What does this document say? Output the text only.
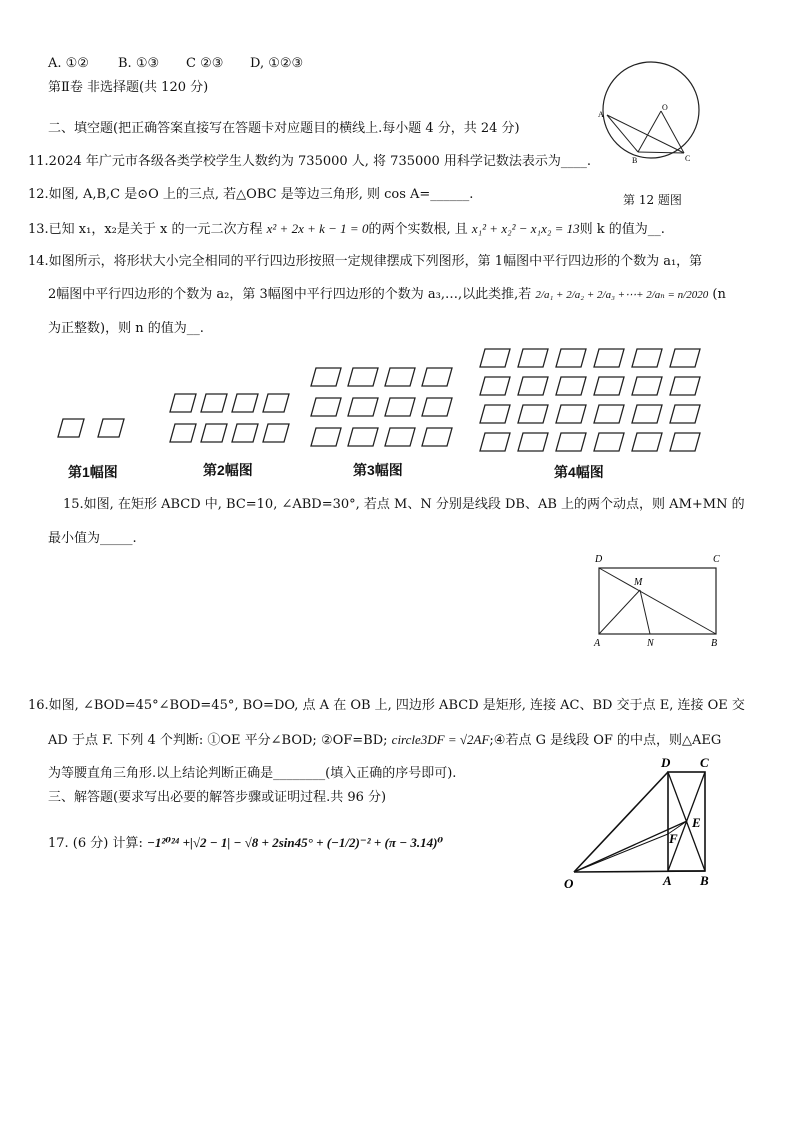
A. ①② B. ①③ C ②③ D, ①②③
第Ⅱ卷 非选择题(共 120 分)
二、填空题(把正确答案直接写在答题卡对应题目的横线上.每小题 4 分，共 24 分)
A
O
B	C
11.2024 年广元市各级各类学校学生人数约为 735000 人, 将 735000 用科学记数法表示为____.
12.如图, A,B,C 是⊙O 上的三点, 若△OBC 是等边三角形, 则 cos A=______.	第 12 题图
13.已知 x₁，x₂是关于 x 的一元二次方程 x² + 2x + k − 1 = 0的两个实数根, 且 x₁² + x₂² − x₁x₂ = 13则 k 的值为__.
14.如图所示，将形状大小完全相同的平行四边形按照一定规律摆成下列图形，第 1幅图中平行四边形的个数为 a₁，第
2幅图中平行四边形的个数为 a₂，第 3幅图中平行四边形的个数为 a₃,…,以此类推,若 2/a₁ + 2/a₂ + 2/a₃ +⋯+ 2/aₙ = n/2020 (n
为正整数)，则 n 的值为__.
第1幅图	第2幅图	第3幅图	第4幅图
15.如图, 在矩形 ABCD 中, BC=10, ∠ABD=30°, 若点 M、N 分别是线段 DB、AB 上的两个动点，则 AM+MN 的
最小值为_____.
D	C
M
A	N	B
16.如图, ∠BOD=45°∠BOD=45°, BO=DO, 点 A 在 OB 上, 四边形 ABCD 是矩形, 连接 AC、BD 交于点 E, 连接 OE 交
AD 于点 F. 下列 4 个判断: ①OE 平分∠BOD; ②OF=BD; circle3DF = √2AF;④若点 G 是线段 OF 的中点，则△AEG
为等腰直角三角形.以上结论判断正确是________(填入正确的序号即可).
三、解答题(要求写出必要的解答步骤或证明过程.共 96 分)
D C
E
F
O	A B
17. (6 分) 计算: −1²⁰²⁴ +|√2 − 1| − √8 + 2sin45° + (−1/2)⁻² + (π − 3.14)⁰
